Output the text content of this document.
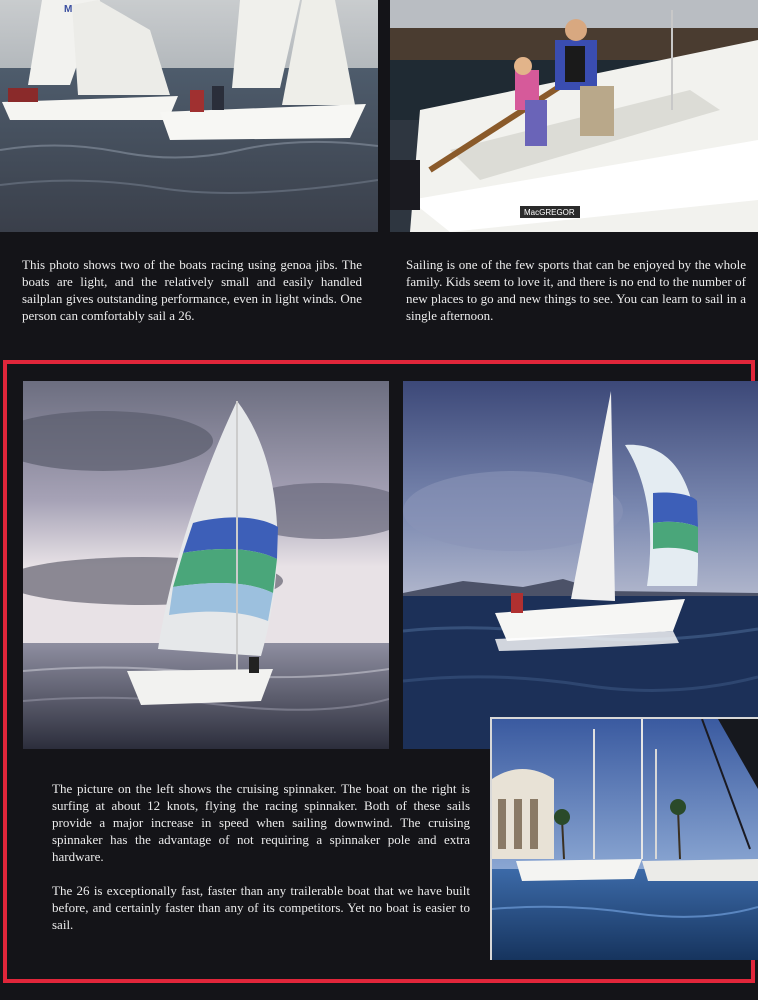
M
MacGREGOR

This photo shows two of the boats racing using genoa jibs. The boats are light, and the relatively small and easily handled sailplan gives outstanding performance, even in light winds. One person can comfortably sail a 26.

Sailing is one of the few sports that can be enjoyed by the whole family. Kids seem to love it, and there is no end to the number of new places to go and new things to see. You can learn to sail in a single afternoon.

The picture on the left shows the cruising spinnaker. The boat on the right is surfing at about 12 knots, flying the racing spinnaker. Both of these sails provide a major increase in speed when sailing downwind. The cruising spinnaker has the advantage of not requiring a spinnaker pole and extra hardware.

The 26 is exceptionally fast, faster than any trailerable boat that we have built before, and certainly faster than any of its competitors. Yet no boat is easier to sail.
